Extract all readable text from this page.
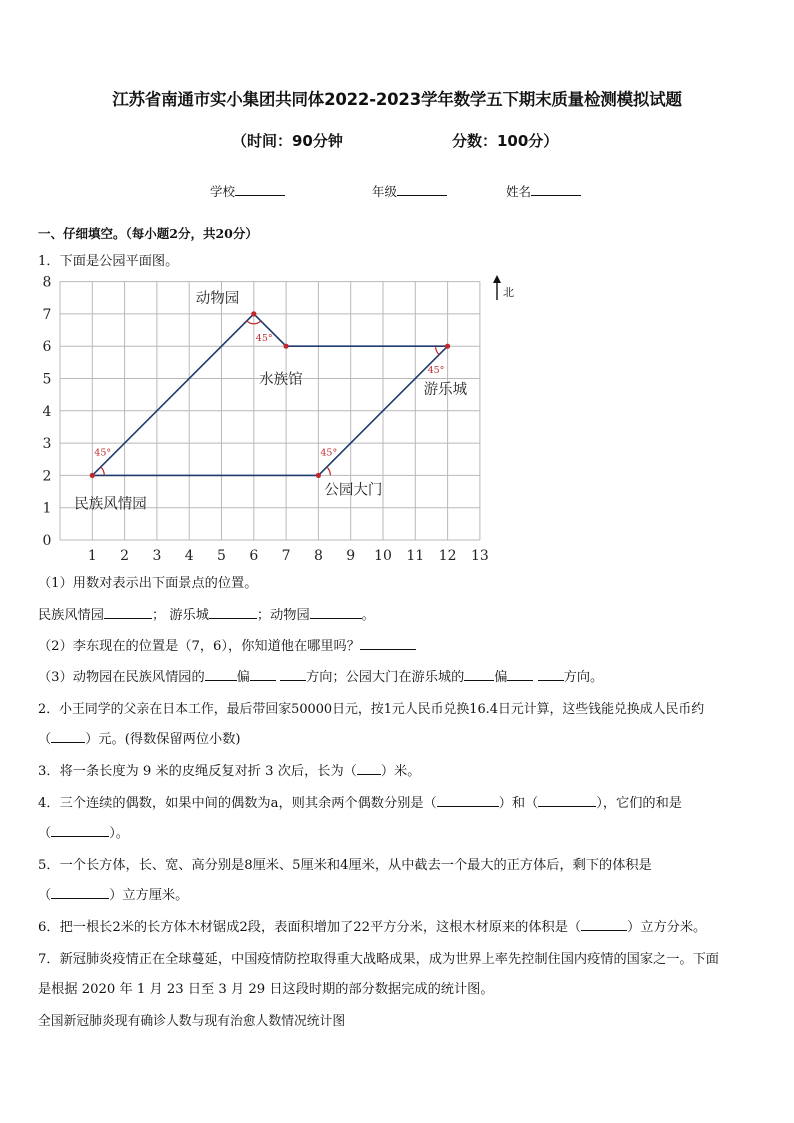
江苏省南通市实小集团共同体2022-2023学年数学五下期末质量检测模拟试题
（时间：90分钟	分数：100分）
学校	年级	姓名
一、仔细填空。（每小题2分，共20分）
1．下面是公园平面图。
1 2 3 4 5 6 7 8 9 10 11 12 13
0
1
2
3
4
5
6
7
8
45°
45°
45°
45°
民族风情园
动物园
水族馆
游乐城
公园大门
北
（1）用数对表示出下面景点的位置。
民族风情园	； 游乐城	；动物园	。
（2）李东现在的位置是（7，6），你知道他在哪里吗？
（3）动物园在民族风情园的 偏	方向；公园大门在游乐城的 偏	方向。
2．小王同学的父亲在日本工作，最后带回家50000日元，按1元人民币兑换16.4日元计算，这些钱能兑换成人民币约
（	）元。(得数保留两位小数)
3．将一条长度为 9 米的皮绳反复对折 3 次后，长为（ ）米。
4．三个连续的偶数，如果中间的偶数为a，则其余两个偶数分别是（	）和（	），它们的和是
（	）。
5．一个长方体，长、宽、高分别是8厘米、5厘米和4厘米，从中截去一个最大的正方体后，剩下的体积是
（	）立方厘米。
6．把一根长2米的长方体木材锯成2段，表面积增加了22平方分米，这根木材原来的体积是（	）立方分米。
7．新冠肺炎疫情正在全球蔓延，中国疫情防控取得重大战略成果，成为世界上率先控制住国内疫情的国家之一。下面
是根据 2020 年 1 月 23 日至 3 月 29 日这段时期的部分数据完成的统计图。
全国新冠肺炎现有确诊人数与现有治愈人数情况统计图
